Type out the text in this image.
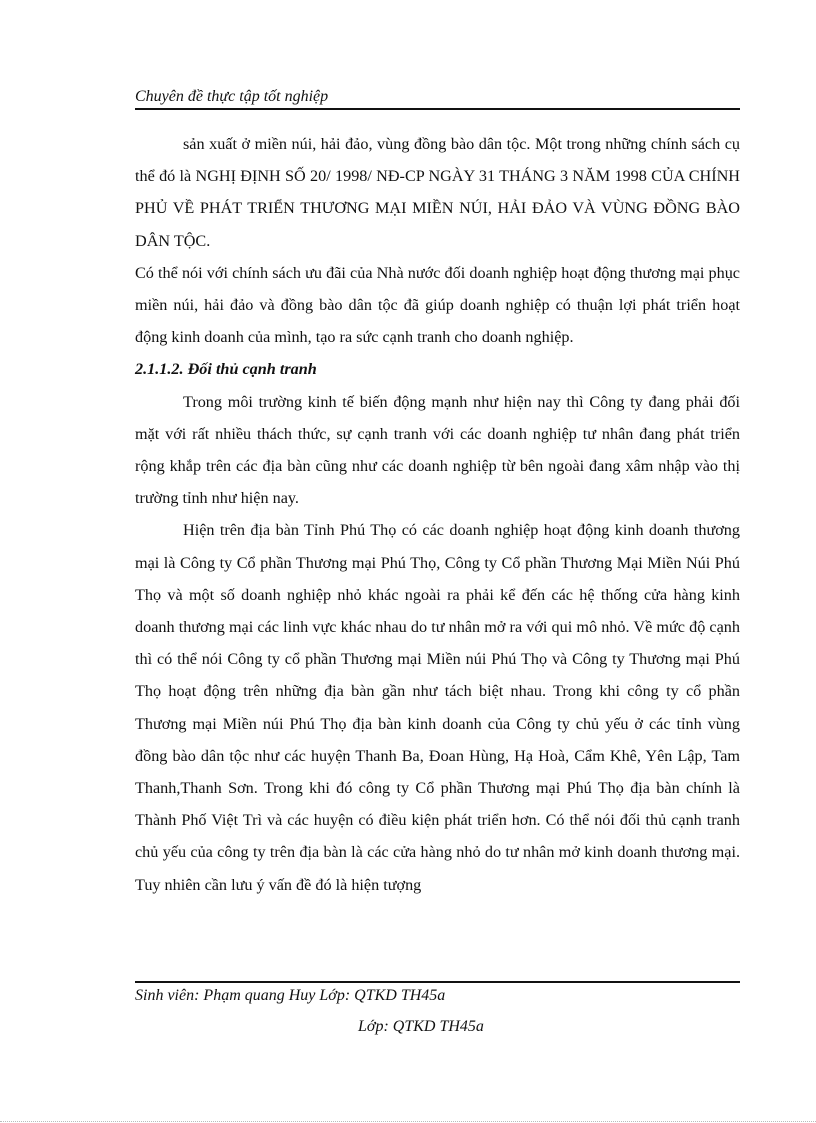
Chuyên đề thực tập tốt nghiệp

sản xuất ở miền núi, hải đảo, vùng đồng bào dân tộc. Một trong những chính sách cụ thể đó là NGHỊ ĐỊNH SỐ 20/ 1998/ NĐ-CP NGÀY 31 THÁNG 3 NĂM 1998 CỦA CHÍNH PHỦ VỀ PHÁT TRIỂN THƯƠNG MẠI MIỀN NÚI, HẢI ĐẢO VÀ VÙNG ĐỒNG BÀO DÂN TỘC.

Có thể nói với chính sách ưu đãi của Nhà nước đối doanh nghiệp hoạt động thương mại phục miền núi, hải đảo và đồng bào dân tộc đã giúp doanh nghiệp có thuận lợi phát triển hoạt động kinh doanh của mình, tạo ra sức cạnh tranh cho doanh nghiệp.

2.1.1.2. Đối thủ cạnh tranh

Trong môi trường kinh tế biến động mạnh như hiện nay thì Công ty đang phải đối mặt với rất nhiều thách thức, sự cạnh tranh với các doanh nghiệp tư nhân đang phát triển rộng khắp trên các địa bàn cũng như các doanh nghiệp từ bên ngoài đang xâm nhập vào thị trường tỉnh như hiện nay.

Hiện trên địa bàn Tỉnh Phú Thọ có các doanh nghiệp hoạt động kinh doanh thương mại là Công ty Cổ phần Thương mại Phú Thọ, Công ty Cổ phần Thương Mại Miền Núi Phú Thọ và một số doanh nghiệp nhỏ khác ngoài ra phải kể đến các hệ thống cửa hàng kinh doanh thương mại các linh vực khác nhau do tư nhân mở ra với qui mô nhỏ. Về mức độ cạnh thì có thể nói Công ty cổ phần Thương mại Miền núi Phú Thọ và Công ty Thương mại Phú Thọ hoạt động trên những địa bàn gần như tách biệt nhau. Trong khi công ty cổ phần Thương mại Miền núi Phú Thọ địa bàn kinh doanh của Công ty chủ yếu ở các tỉnh vùng đồng bào dân tộc như các huyện Thanh Ba, Đoan Hùng, Hạ Hoà, Cẩm Khê, Yên Lập, Tam Thanh,Thanh Sơn. Trong khi đó công ty Cổ phần Thương mại Phú Thọ địa bàn chính là Thành Phố Việt Trì và các huyện có điều kiện phát triển hơn. Có thể nói đối thủ cạnh tranh chủ yếu của công ty trên địa bàn là các cửa hàng nhỏ do tư nhân mở kinh doanh thương mại. Tuy nhiên cần lưu ý vấn đề đó là hiện tượng

Sinh viên: Phạm quang Huy Lớp: QTKD TH45a
Lớp: QTKD TH45a
